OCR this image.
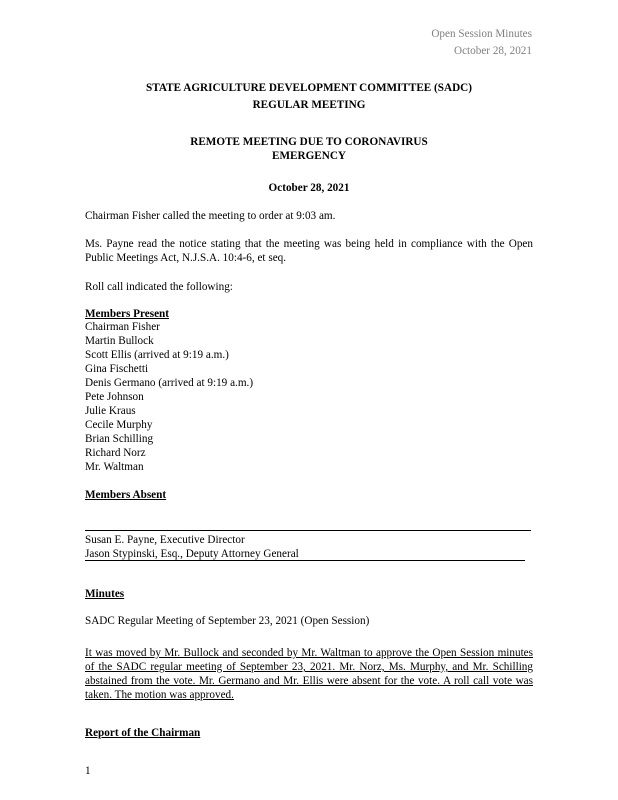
Open Session Minutes
October 28, 2021
STATE AGRICULTURE DEVELOPMENT COMMITTEE (SADC)
REGULAR MEETING
REMOTE MEETING DUE TO CORONAVIRUS
EMERGENCY
October 28, 2021
Chairman Fisher called the meeting to order at 9:03 am.
Ms. Payne read the notice stating that the meeting was being held in compliance with the Open Public Meetings Act, N.J.S.A. 10:4-6, et seq.
Roll call indicated the following:
Members Present
Chairman Fisher
Martin Bullock
Scott Ellis (arrived at 9:19 a.m.)
Gina Fischetti
Denis Germano (arrived at 9:19 a.m.)
Pete Johnson
Julie Kraus
Cecile Murphy
Brian Schilling
Richard Norz
Mr. Waltman
Members Absent
Susan E. Payne, Executive Director
Jason Stypinski, Esq., Deputy Attorney General
Minutes
SADC Regular Meeting of September 23, 2021 (Open Session)
It was moved by Mr. Bullock and seconded by Mr. Waltman to approve the Open Session minutes of the SADC regular meeting of September 23, 2021. Mr. Norz, Ms. Murphy, and Mr. Schilling abstained from the vote. Mr. Germano and Mr. Ellis were absent for the vote. A roll call vote was taken. The motion was approved.
Report of the Chairman
1
